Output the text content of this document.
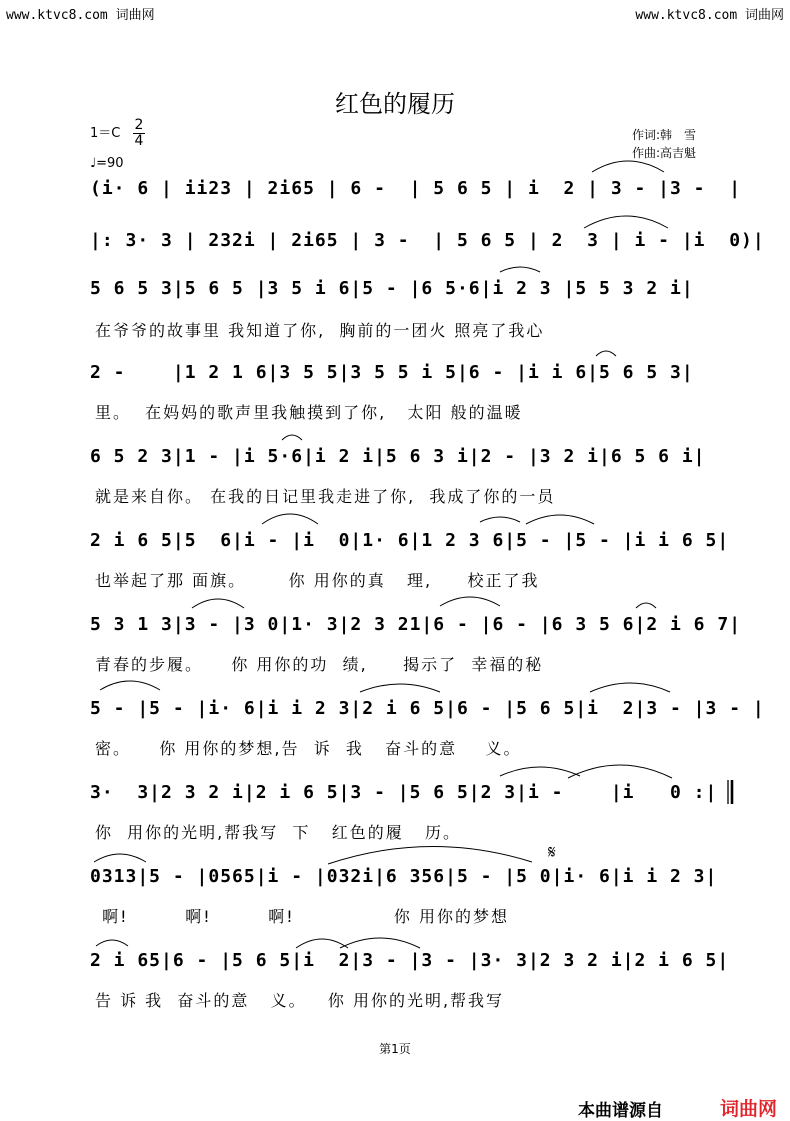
www.ktvc8.com 词曲网	www.ktvc8.com 词曲网
红色的履历
1＝C
♩=90
2
4	作词:韩　雪
作曲:高吉魁
(i· 6 | ii23 | 2i65 | 6 -  | 5 6 5 | i  2 | 3 - |3 -  |
|: 3· 3 | 232i | 2i65 | 3 -  | 5 6 5 | 2  3 | i - |i  0)|
5 6 5 3|5 6 5 |3 5 i 6|5 - |6 5·6|i 2 3 |5 5 3 2 i|
在爷爷的故事里 我知道了你,  胸前的一团火 照亮了我心
2 -    |1 2 1 6|3 5 5|3 5 5 i 5|6 - |i i 6|5 6 5 3|
里。  在妈妈的歌声里我触摸到了你,   太阳 般的温暖
6 5 2 3|1 - |i 5·6|i 2 i|5 6 3 i|2 - |3 2 i|6 5 6 i|
就是来自你。 在我的日记里我走进了你,  我成了你的一员
2 i 6 5|5  6|i - |i  0|1· 6|1 2 3 6|5 - |5 - |i i 6 5|
也举起了那 面旗。      你 用你的真   理,     校正了我
5 3 1 3|3 - |3 0|1· 3|2 3 21|6 - |6 - |6 3 5 6|2 i 6 7|
青春的步履。    你 用你的功  绩,     揭示了  幸福的秘
5 - |5 - |i· 6|i i 2 3|2 i 6 5|6 - |5 6 5|i  2|3 - |3 - |
密。    你 用你的梦想,告  诉  我   奋斗的意    义。
3·  3|2 3 2 i|2 i 6 5|3 - |5 6 5|2 3|i -    |i   0 :|
你  用你的光明,帮我写  下   红色的履   历。
0313|5 - |0565|i - |032i|6 356|5 - |5 0|i· 6|i i 2 3|
啊!        啊!        啊!              你 用你的梦想
2 i 65|6 - |5 6 5|i  2|3 - |3 - |3· 3|2 3 2 i|2 i 6 5|
告 诉 我  奋斗的意   义。   你 用你的光明,帮我写
𝄋
第1页
本曲谱源自	词曲网
